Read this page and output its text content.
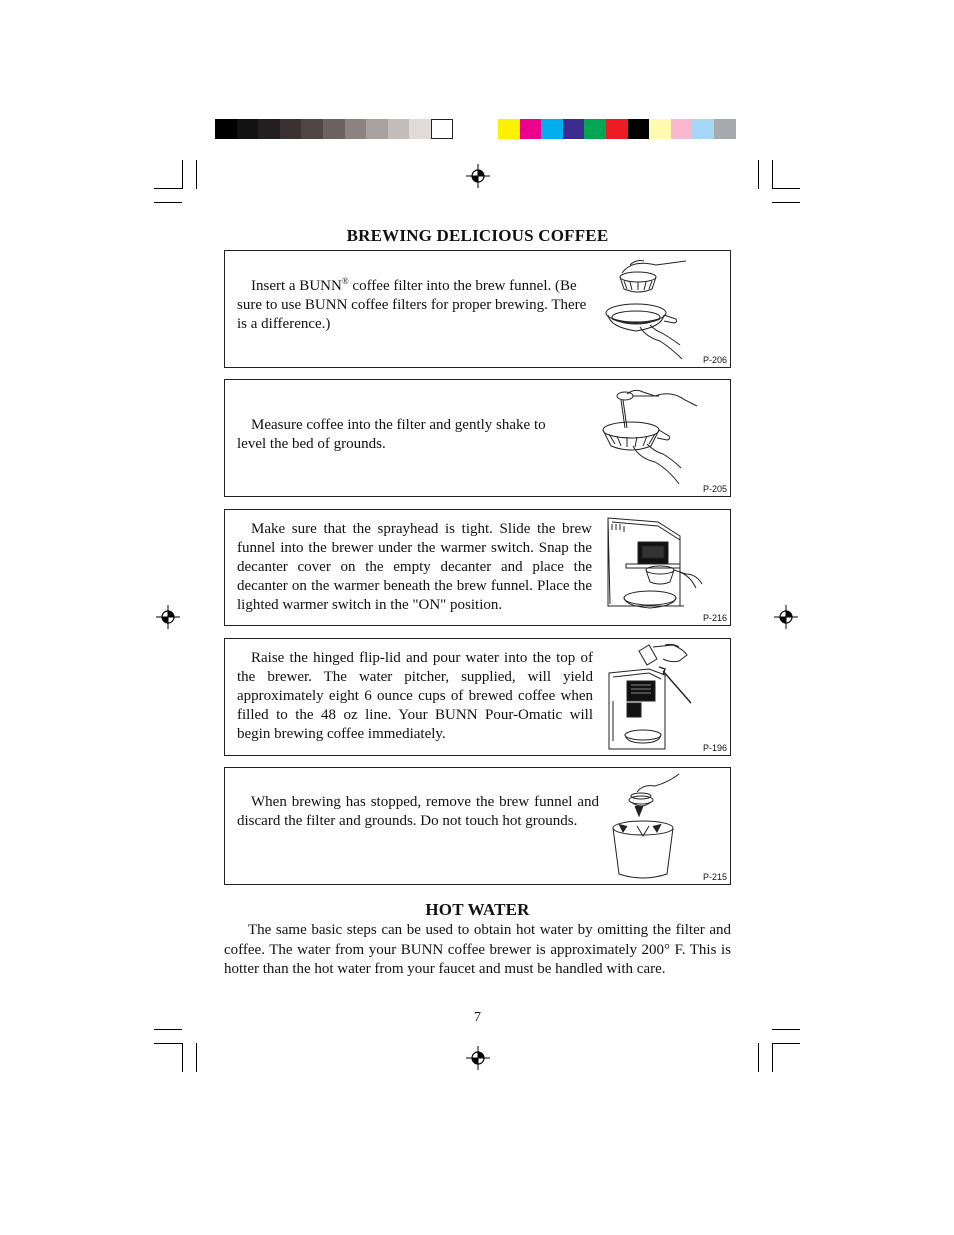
BREWING DELICIOUS COFFEE
Insert a BUNN® coffee filter into the brew funnel. (Be sure to use BUNN coffee filters for proper brewing. There is a difference.)
P-206
Measure coffee into the filter and gently shake to level the bed of grounds.
P-205
Make sure that the sprayhead is tight. Slide the brew funnel into the brewer under the warmer switch. Snap the decanter cover on the empty decanter and place the decanter on the warmer beneath the brew funnel. Place the lighted warmer switch in the "ON" position.
P-216
Raise the hinged flip-lid and pour water into the top of the brewer. The water pitcher, supplied, will yield approximately eight 6 ounce cups of brewed coffee when filled to the 48 oz line. Your BUNN Pour-Omatic will begin brewing coffee immediately.
P-196
When brewing has stopped, remove the brew funnel and discard the filter and grounds. Do not touch hot grounds.
P-215
HOT WATER
The same basic steps can be used to obtain hot water by omitting the filter and coffee. The water from your BUNN coffee brewer is approximately 200° F. This is hotter than the hot water from your faucet and must be handled with care.
7
